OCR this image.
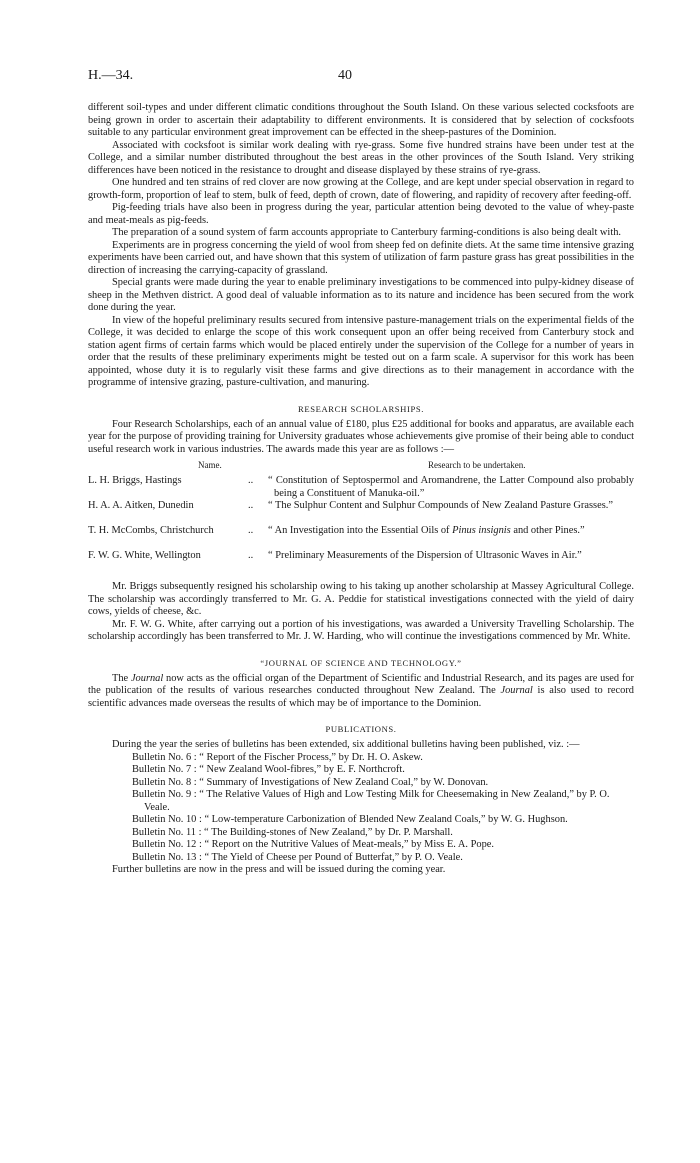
H.—34.	40

different soil-types and under different climatic conditions throughout the South Island. On these various selected cocksfoots are being grown in order to ascertain their adaptability to different environments. It is considered that by selection of cocksfoots suitable to any particular environment great improvement can be effected in the sheep-pastures of the Dominion.

Associated with cocksfoot is similar work dealing with rye-grass. Some five hundred strains have been under test at the College, and a similar number distributed throughout the best areas in the other provinces of the South Island. Very striking differences have been noticed in the resistance to drought and disease displayed by these strains of rye-grass.

One hundred and ten strains of red clover are now growing at the College, and are kept under special observation in regard to growth-form, proportion of leaf to stem, bulk of feed, depth of crown, date of flowering, and rapidity of recovery after feeding-off.

Pig-feeding trials have also been in progress during the year, particular attention being devoted to the value of whey-paste and meat-meals as pig-feeds.

The preparation of a sound system of farm accounts appropriate to Canterbury farming-conditions is also being dealt with.

Experiments are in progress concerning the yield of wool from sheep fed on definite diets. At the same time intensive grazing experiments have been carried out, and have shown that this system of utilization of farm pasture grass has great possibilities in the direction of increasing the carrying-capacity of grassland.

Special grants were made during the year to enable preliminary investigations to be commenced into pulpy-kidney disease of sheep in the Methven district. A good deal of valuable information as to its nature and incidence has been secured from the work done during the year.

In view of the hopeful preliminary results secured from intensive pasture-management trials on the experimental fields of the College, it was decided to enlarge the scope of this work consequent upon an offer being received from Canterbury stock and station agent firms of certain farms which would be placed entirely under the supervision of the College for a number of years in order that the results of these preliminary experiments might be tested out on a farm scale. A supervisor for this work has been appointed, whose duty it is to regularly visit these farms and give directions as to their management in accordance with the programme of intensive grazing, pasture-cultivation, and manuring.

RESEARCH SCHOLARSHIPS.

Four Research Scholarships, each of an annual value of £180, plus £25 additional for books and apparatus, are available each year for the purpose of providing training for University graduates whose achievements give promise of their being able to conduct useful research work in various industries. The awards made this year are as follows :—

Name.	Research to be undertaken.
L. H. Briggs, Hastings	.. “ Constitution of Septospermol and Aromandrene, the Latter Compound also probably being a Constituent of Manuka-oil.”
H. A. A. Aitken, Dunedin	.. “ The Sulphur Content and Sulphur Compounds of New Zealand Pasture Grasses.”
T. H. McCombs, Christchurch	.. “ An Investigation into the Essential Oils of Pinus insignis and other Pines.”
F. W. G. White, Wellington	.. “ Preliminary Measurements of the Dispersion of Ultrasonic Waves in Air.”

Mr. Briggs subsequently resigned his scholarship owing to his taking up another scholarship at Massey Agricultural College. The scholarship was accordingly transferred to Mr. G. A. Peddie for statistical investigations connected with the yield of dairy cows, yields of cheese, &c.

Mr. F. W. G. White, after carrying out a portion of his investigations, was awarded a University Travelling Scholarship. The scholarship accordingly has been transferred to Mr. J. W. Harding, who will continue the investigations commenced by Mr. White.

“JOURNAL OF SCIENCE AND TECHNOLOGY.”

The Journal now acts as the official organ of the Department of Scientific and Industrial Research, and its pages are used for the publication of the results of various researches conducted throughout New Zealand. The Journal is also used to record scientific advances made overseas the results of which may be of importance to the Dominion.

PUBLICATIONS.

During the year the series of bulletins has been extended, six additional bulletins having been published, viz. :—

Bulletin No. 6 : “ Report of the Fischer Process,” by Dr. H. O. Askew.
Bulletin No. 7 : “ New Zealand Wool-fibres,” by E. F. Northcroft.
Bulletin No. 8 : “ Summary of Investigations of New Zealand Coal,” by W. Donovan.
Bulletin No. 9 : “ The Relative Values of High and Low Testing Milk for Cheesemaking in New Zealand,” by P. O. Veale.
Bulletin No. 10 : “ Low-temperature Carbonization of Blended New Zealand Coals,” by W. G. Hughson.
Bulletin No. 11 : “ The Building-stones of New Zealand,” by Dr. P. Marshall.
Bulletin No. 12 : “ Report on the Nutritive Values of Meat-meals,” by Miss E. A. Pope.
Bulletin No. 13 : “ The Yield of Cheese per Pound of Butterfat,” by P. O. Veale.

Further bulletins are now in the press and will be issued during the coming year.
